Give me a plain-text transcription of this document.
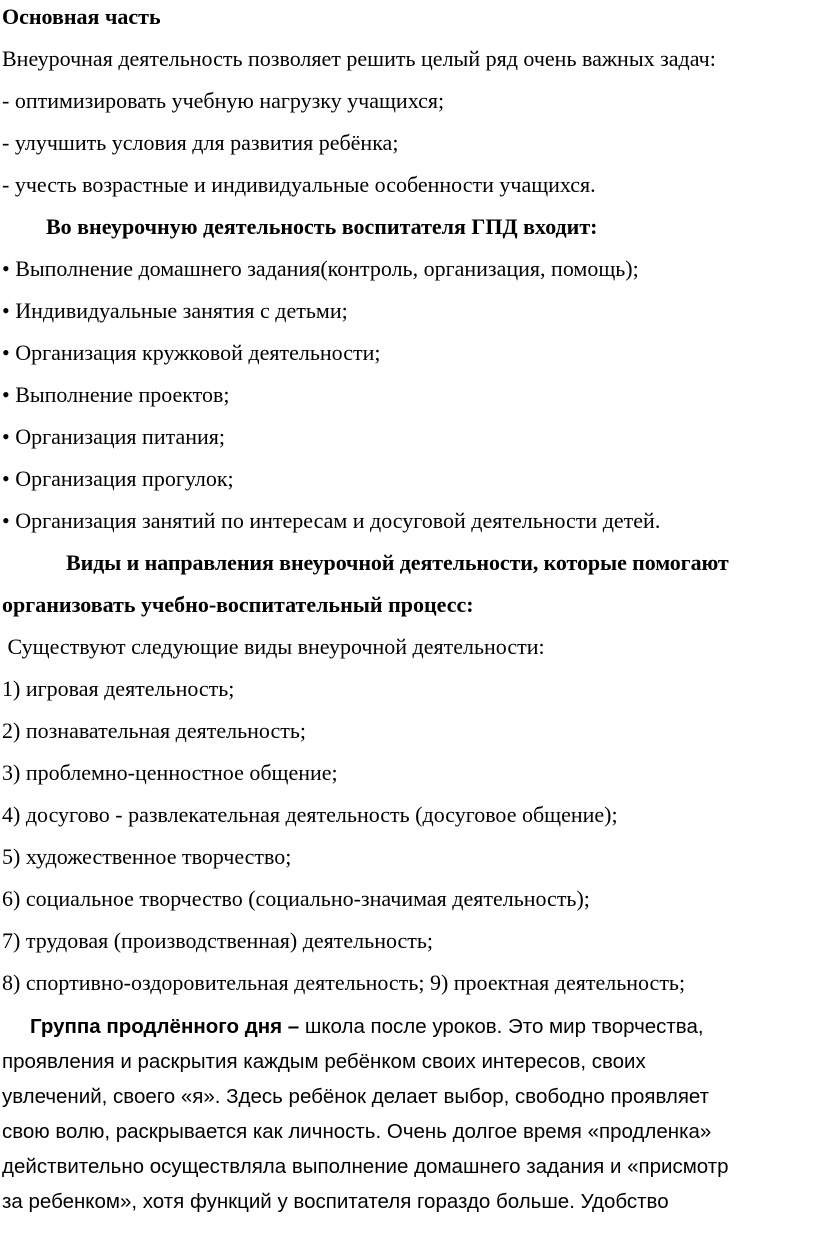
Основная часть
Внеурочная деятельность позволяет решить целый ряд очень важных задач:
- оптимизировать учебную нагрузку учащихся;
- улучшить условия для развития ребёнка;
- учесть возрастные и индивидуальные особенности учащихся.
Во внеурочную деятельность воспитателя ГПД входит:
• Выполнение домашнего задания(контроль, организация, помощь);
• Индивидуальные занятия с детьми;
• Организация кружковой деятельности;
• Выполнение проектов;
• Организация питания;
• Организация прогулок;
• Организация занятий по интересам и досуговой деятельности детей.
Виды и направления внеурочной деятельности, которые помогают
организовать учебно-воспитательный процесс:
Существуют следующие виды внеурочной деятельности:
1) игровая деятельность;
2) познавательная деятельность;
3) проблемно-ценностное общение;
4) досугово - развлекательная деятельность (досуговое общение);
5) художественное творчество;
6) социальное творчество (социально-значимая деятельность);
7) трудовая (производственная) деятельность;
8) спортивно-оздоровительная деятельность; 9) проектная деятельность;
Группа продлённого дня – школа после уроков. Это мир творчества,
проявления и раскрытия каждым ребёнком своих интересов, своих
увлечений, своего «я». Здесь ребёнок делает выбор, свободно проявляет
свою волю, раскрывается как личность. Очень долгое время «продленка»
действительно осуществляла выполнение домашнего задания и «присмотр
за ребенком», хотя функций у воспитателя гораздо больше. Удобство
